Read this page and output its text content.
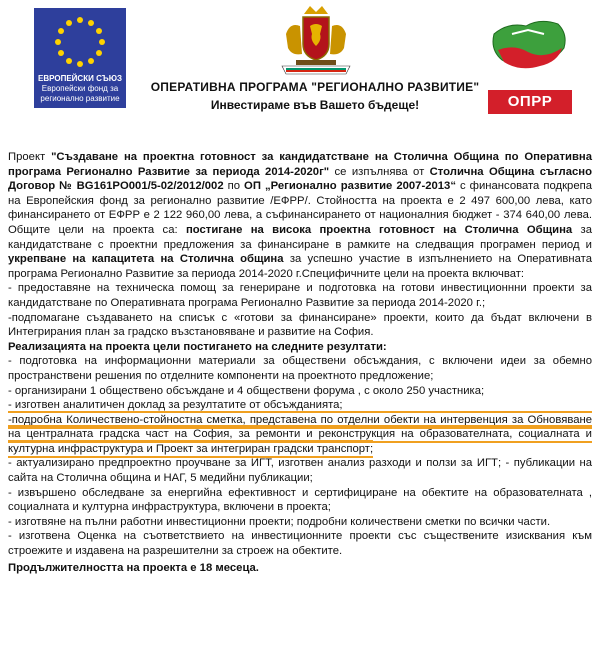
ЕВРОПЕЙСКИ СЪЮЗ
Европейски фонд за
регионално развитие
ОПЕРАТИВНА ПРОГРАМА "РЕГИОНАЛНО РАЗВИТИЕ"
Инвестираме във Вашето бъдеще!	ОПРР

Проект "Създаване на проектна готовност за кандидатстване на Столична Община по Оперативна програма Регионално Развитие за периода 2014-2020г" се изпълнява от Столична Община съгласно Договор № BG161PO001/5-02/2012/002 по ОП „Регионално развитие 2007-2013“ с финансовата подкрепа на Европейския фонд за регионално развитие /ЕФРР/. Стойността на проекта е 2 497 600,00 лева, като финансирането от ЕФРР е 2 122 960,00 лева, а съфинансирането от националния бюджет - 374 640,00 лева. Общите цели на проекта са: постигане на висока проектна готовност на Столична Община за кандидатстване с проектни предложения за финансиране в рамките на следващия програмен период и укрепване на капацитета на Столична община за успешно участие в изпълнението на Оперативната програма Регионално Развитие за периода 2014-2020 г.Специфичните цели на проекта включват:

- предоставяне на техническа помощ за генериране и подготовка на готови инвестиционнни проекти за кандидатстване по Оперативната програма Регионално Развитие за периода 2014-2020 г.;

-подпомагане създаването на списък с «готови за финансиране» проекти, които да бъдат включени в Интегрирания план за градско възстановяване и развитие на София.

Реализацията на проекта цели постигането на следните резултати:

- подготовка на информационни материали за обществени обсъждания, с включени идеи за обемно пространствени решения по отделните компоненти на проектното предложение;

- организирани 1 обществено обсъждане и 4 обществени форума , с около 250 участника;

- изготвен аналитичен доклад за резултатите от обсъжданията;

-подробна Количествено-стойностна сметка, представена по отделни обекти на интервенция за Обновяване на централната градска част на София, за ремонти и реконструкция на образователната, социалната и културна инфраструктура и Проект за интегриран градски транспорт;

- актуализирано предпроектно проучване за ИГТ, изготвен анализ разходи и ползи за ИГТ; - публикации на сайта на Столична община и НАГ, 5 медийни публикации;

- извършено обследване за енергийна ефективност и сертифициране на обектите на образователната , социалната и културна инфраструктура, включени в проекта;

- изготвяне на пълни работни инвестиционни проекти; подробни количествени сметки по всички части.

- изготвена Оценка на съответствието на инвестиционните проекти със съществените изисквания към строежите и издавена на разрешителни за строеж на обектите.

Продължителността на проекта е 18 месеца.
